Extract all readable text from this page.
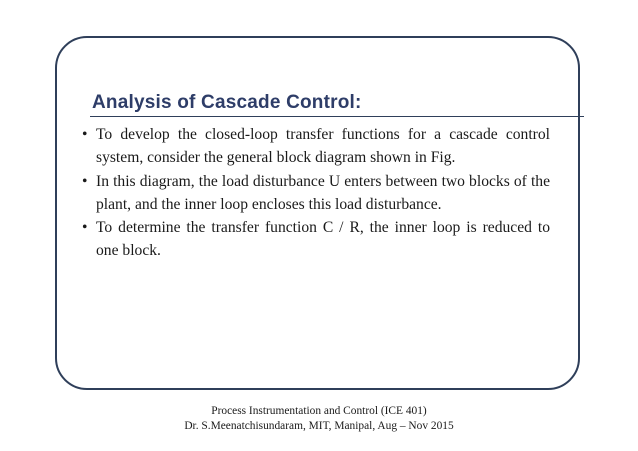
Analysis of Cascade Control:
• To develop the closed-loop transfer functions for a cascade control system, consider the general block diagram shown in Fig.
• In this diagram, the load disturbance U enters between two blocks of the plant, and the inner loop encloses this load disturbance.
• To determine the transfer function C / R, the inner loop is reduced to one block.
Process Instrumentation and Control (ICE 401)
Dr. S.Meenatchisundaram, MIT, Manipal, Aug – Nov 2015
